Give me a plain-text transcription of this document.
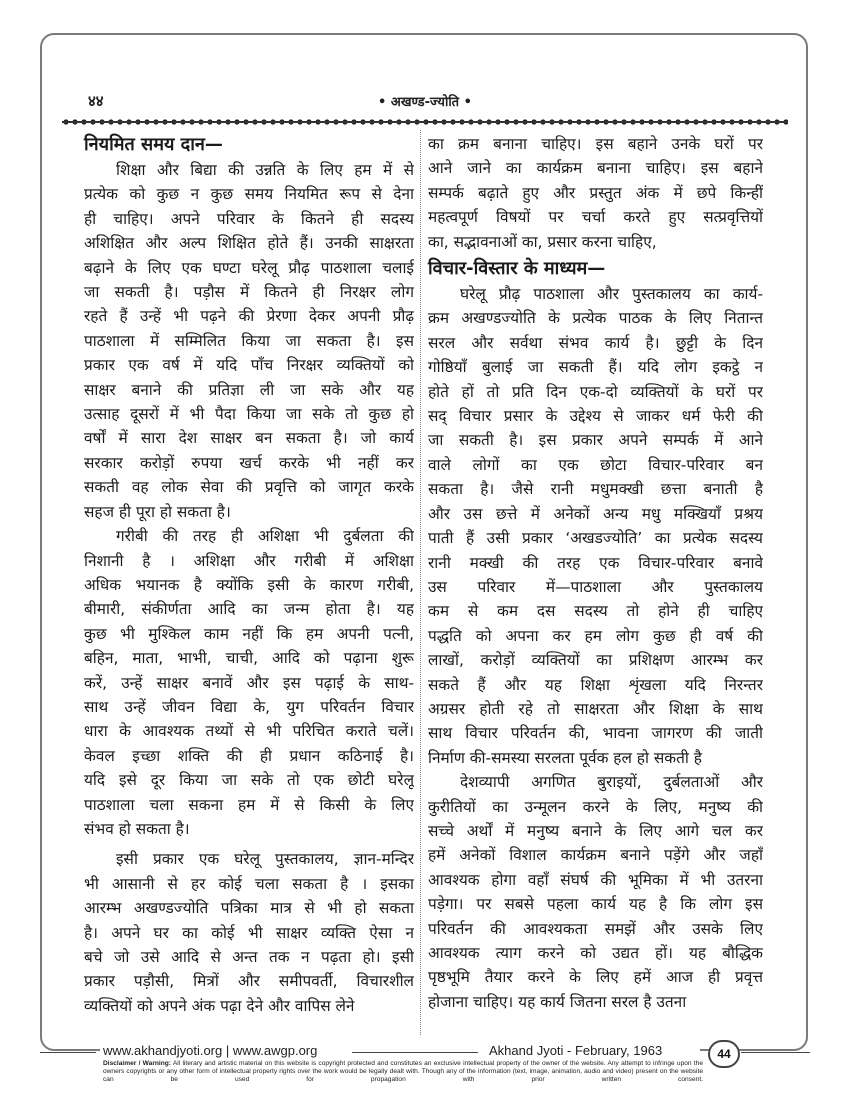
४४	• अखण्ड-ज्योति •
नियमित समय दान—
शिक्षा और बिद्या की उन्नति के लिए हम में से
प्रत्येक को कुछ न कुछ समय नियमित रूप से देना
ही चाहिए। अपने परिवार के कितने ही सदस्य
अशिक्षित और अल्प शिक्षित होते हैं। उनकी साक्षरता
बढ़ाने के लिए एक घण्टा घरेलू प्रौढ़ पाठशाला चलाई
जा सकती है। पड़ौस में कितने ही निरक्षर लोग
रहते हैं उन्हें भी पढ़ने की प्रेरणा देकर अपनी प्रौढ़
पाठशाला में सम्मिलित किया जा सकता है। इस
प्रकार एक वर्ष में यदि पाँच निरक्षर व्यक्तियों को
साक्षर बनाने की प्रतिज्ञा ली जा सके और यह
उत्साह दूसरों में भी पैदा किया जा सके तो कुछ हो
वर्षों में सारा देश साक्षर बन सकता है। जो कार्य
सरकार करोड़ों रुपया खर्च करके भी नहीं कर
सकती वह लोक सेवा की प्रवृत्ति को जागृत करके
सहज ही पूरा हो सकता है।
गरीबी की तरह ही अशिक्षा भी दुर्बलता की
निशानी है । अशिक्षा और गरीबी में अशिक्षा
अधिक भयानक है क्योंकि इसी के कारण गरीबी,
बीमारी, संकीर्णता आदि का जन्म होता है। यह
कुछ भी मुश्किल काम नहीं कि हम अपनी पत्नी,
बहिन, माता, भाभी, चाची, आदि को पढ़ाना शुरू
करें, उन्हें साक्षर बनावें और इस पढ़ाई के साथ-
साथ उन्हें जीवन विद्या के, युग परिवर्तन विचार
धारा के आवश्यक तथ्यों से भी परिचित कराते चलें।
केवल इच्छा शक्ति की ही प्रधान कठिनाई है।
यदि इसे दूर किया जा सके तो एक छोटी घरेलू
पाठशाला चला सकना हम में से किसी के लिए
संभव हो सकता है।
इसी प्रकार एक घरेलू पुस्तकालय, ज्ञान-मन्दिर
भी आसानी से हर कोई चला सकता है । इसका
आरम्भ अखण्डज्योति पत्रिका मात्र से भी हो सकता
है। अपने घर का कोई भी साक्षर व्यक्ति ऐसा न
बचे जो उसे आदि से अन्त तक न पढ़ता हो। इसी
प्रकार पड़ौसी, मित्रों और समीपवर्ती, विचारशील
व्यक्तियों को अपने अंक पढ़ा देने और वापिस लेने
का क्रम बनाना चाहिए। इस बहाने उनके घरों पर
आने जाने का कार्यक्रम बनाना चाहिए। इस बहाने
सम्पर्क बढ़ाते हुए और प्रस्तुत अंक में छपे किन्हीं
महत्वपूर्ण विषयों पर चर्चा करते हुए सत्प्रवृत्तियों
का, सद्भावनाओं का, प्रसार करना चाहिए,
विचार-विस्तार के माध्यम—
घरेलू प्रौढ़ पाठशाला और पुस्तकालय का कार्य-
क्रम अखण्डज्योति के प्रत्येक पाठक के लिए नितान्त
सरल और सर्वथा संभव कार्य है। छुट्टी के दिन
गोष्ठियाँ बुलाई जा सकती हैं। यदि लोग इकट्ठे न
होते हों तो प्रति दिन एक-दो व्यक्तियों के घरों पर
सद् विचार प्रसार के उद्देश्य से जाकर धर्म फेरी की
जा सकती है। इस प्रकार अपने सम्पर्क में आने
वाले लोगों का एक छोटा विचार-परिवार बन
सकता है। जैसे रानी मधुमक्खी छत्ता बनाती है
और उस छत्ते में अनेकों अन्य मधु मक्खियाँ प्रश्रय
पाती हैं उसी प्रकार ‘अखडज्योति’ का प्रत्येक सदस्य
रानी मक्खी की तरह एक विचार-परिवार बनावे
उस परिवार में—पाठशाला और पुस्तकालय
कम से कम दस सदस्य तो होने ही चाहिए
पद्धति को अपना कर हम लोग कुछ ही वर्ष की
लाखों, करोड़ों व्यक्तियों का प्रशिक्षण आरम्भ कर
सकते हैं और यह शिक्षा शृंखला यदि निरन्तर
अग्रसर होती रहे तो साक्षरता और शिक्षा के साथ
साथ विचार परिवर्तन की, भावना जागरण की जाती
निर्माण की-समस्या सरलता पूर्वक हल हो सकती है
देशव्यापी अगणित बुराइयों, दुर्बलताओं और
कुरीतियों का उन्मूलन करने के लिए, मनुष्य की
सच्चे अर्थों में मनुष्य बनाने के लिए आगे चल कर
हमें अनेकों विशाल कार्यक्रम बनाने पड़ेंगे और जहाँ
आवश्यक होगा वहाँ संघर्ष की भूमिका में भी उतरना
पड़ेगा। पर सबसे पहला कार्य यह है कि लोग इस
परिवर्तन की आवश्यकता समझें और उसके लिए
आवश्यक त्याग करने को उद्यत हों। यह बौद्धिक
पृष्ठभूमि तैयार करने के लिए हमें आज ही प्रवृत्त
होजाना चाहिए। यह कार्य जितना सरल है उतना
www.akhandjyoti.org | www.awgp.org	Akhand Jyoti - February, 1963	44
Disclaimer / Warning: All literary and artistic material on this website is copyright protected and constitutes an exclusive intellectual property of the owner of the website. Any attempt to infringe upon the owners copyrights or any other form of intellectual property rights over the work would be legally dealt with. Though any of the information (text, image, animation, audio and video) present on the website can be used for propagation with prior written consent.
